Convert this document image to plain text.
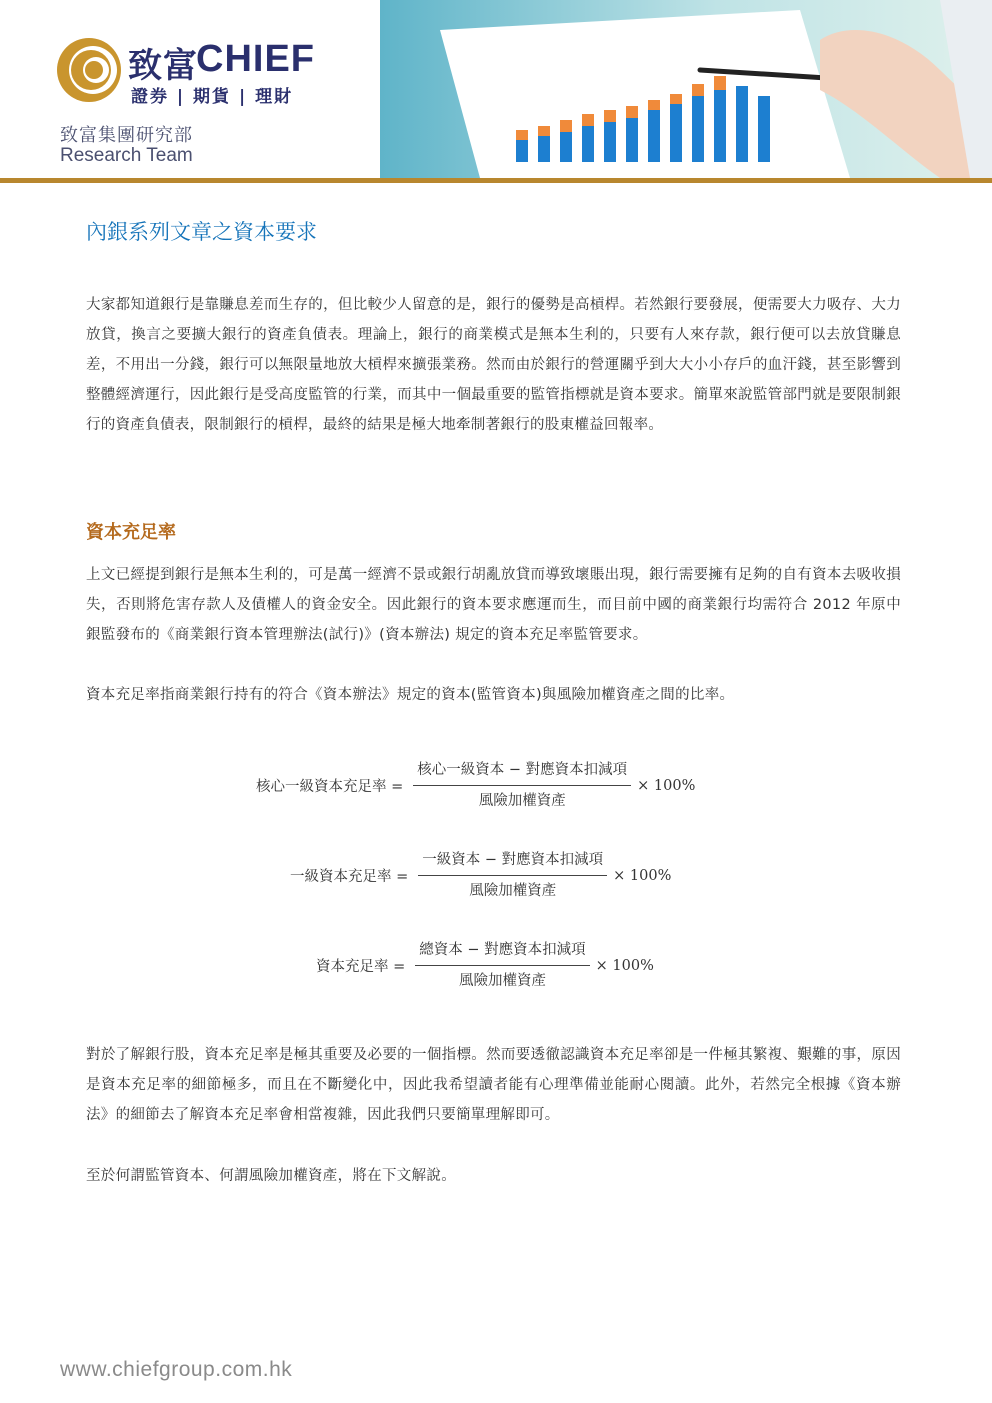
致富
CHIEF
證券 | 期貨 | 理財
致富集團研究部
Research Team
內銀系列文章之資本要求
大家都知道銀行是靠賺息差而生存的，但比較少人留意的是，銀行的優勢是高槓桿。若然銀行要發展，便需要大力吸存、大力放貸，換言之要擴大銀行的資產負債表。理論上，銀行的商業模式是無本生利的，只要有人來存款，銀行便可以去放貸賺息差，不用出一分錢，銀行可以無限量地放大槓桿來擴張業務。然而由於銀行的營運關乎到大大小小存戶的血汗錢，甚至影響到整體經濟運行，因此銀行是受高度監管的行業，而其中一個最重要的監管指標就是資本要求。簡單來說監管部門就是要限制銀行的資產負債表，限制銀行的槓桿，最終的結果是極大地牽制著銀行的股東權益回報率。
資本充足率
上文已經提到銀行是無本生利的，可是萬一經濟不景或銀行胡亂放貸而導致壞賬出現，銀行需要擁有足夠的自有資本去吸收損失，否則將危害存款人及債權人的資金安全。因此銀行的資本要求應運而生，而目前中國的商業銀行均需符合 2012 年原中銀監發布的《商業銀行資本管理辦法(試行)》(資本辦法) 規定的資本充足率監管要求。
資本充足率指商業銀行持有的符合《資本辦法》規定的資本(監管資本)與風險加權資產之間的比率。
核心一級資本充足率 = $\frac{\text{核心一級資本 − 對應資本扣減項}}{\text{風險加權資產}} \times 100\%$
一級資本充足率 = $\frac{\text{一級資本 − 對應資本扣減項}}{\text{風險加權資產}} \times 100\%$
資本充足率 = $\frac{\text{總資本 − 對應資本扣減項}}{\text{風險加權資產}} \times 100\%$
對於了解銀行股，資本充足率是極其重要及必要的一個指標。然而要透徹認識資本充足率卻是一件極其繁複、艱難的事，原因是資本充足率的細節極多，而且在不斷變化中，因此我希望讀者能有心理準備並能耐心閱讀。此外，若然完全根據《資本辦法》的細節去了解資本充足率會相當複雜，因此我們只要簡單理解即可。
至於何謂監管資本、何謂風險加權資產，將在下文解說。
www.chiefgroup.com.hk
